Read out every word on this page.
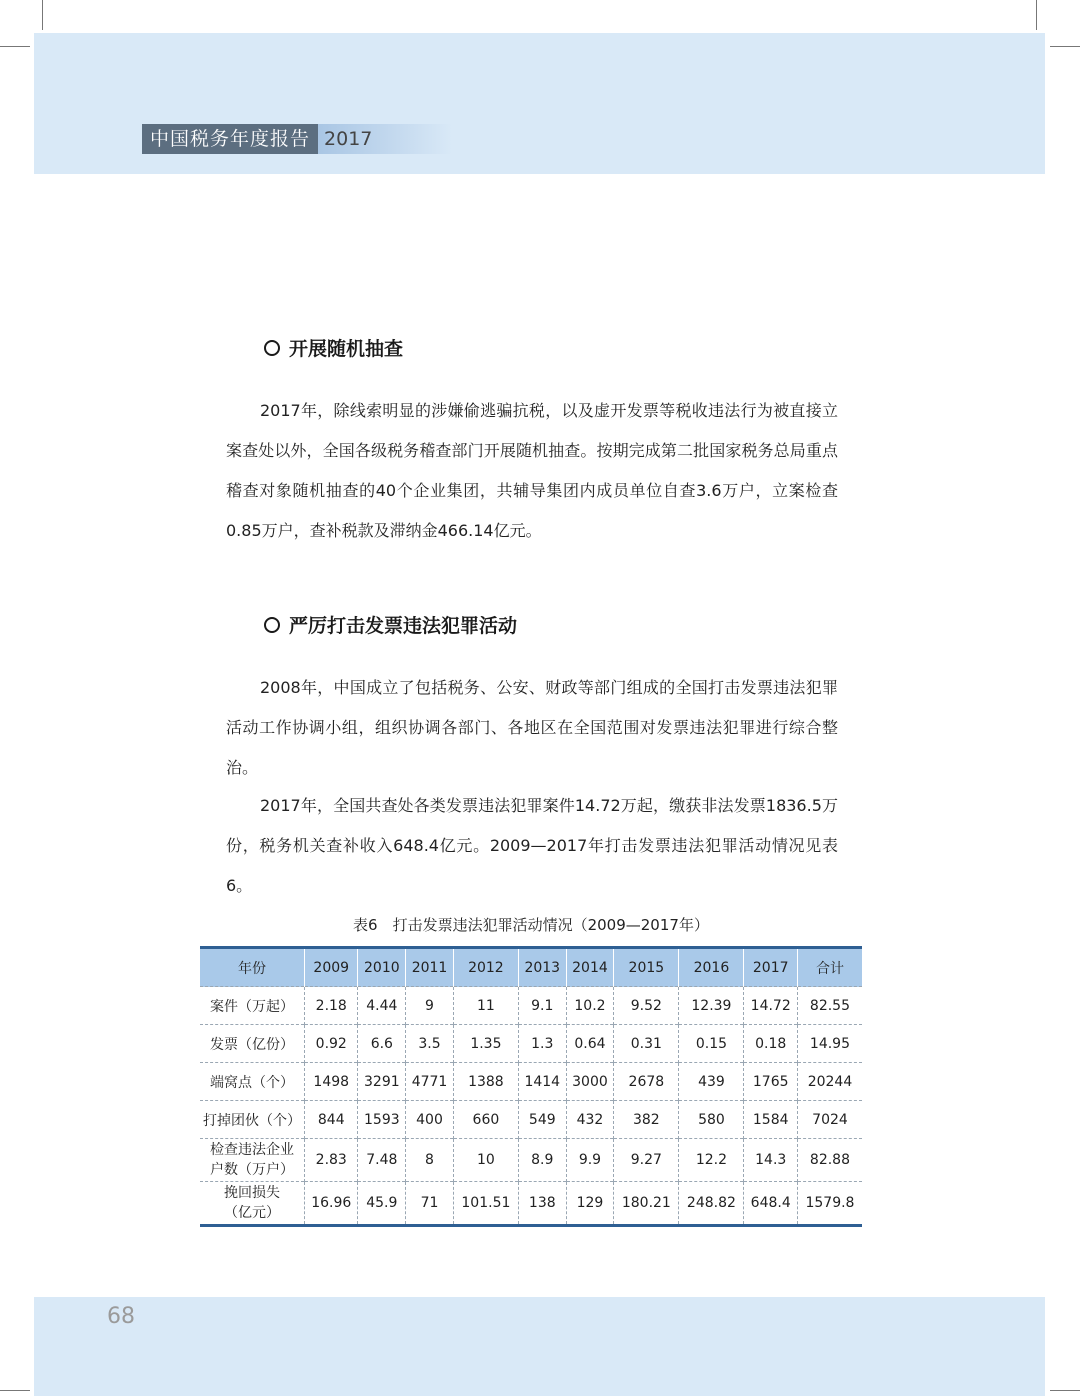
中国税务年度报告 2017
开展随机抽查

2017年，除线索明显的涉嫌偷逃骗抗税，以及虚开发票等税收违法行为被直接立案查处以外，全国各级税务稽查部门开展随机抽查。按期完成第二批国家税务总局重点稽查对象随机抽查的40个企业集团，共辅导集团内成员单位自查3.6万户，立案检查0.85万户，查补税款及滞纳金466.14亿元。

严厉打击发票违法犯罪活动

2008年，中国成立了包括税务、公安、财政等部门组成的全国打击发票违法犯罪活动工作协调小组，组织协调各部门、各地区在全国范围对发票违法犯罪进行综合整治。

2017年，全国共查处各类发票违法犯罪案件14.72万起，缴获非法发票1836.5万份，税务机关查补收入648.4亿元。2009—2017年打击发票违法犯罪活动情况见表6。

表6　打击发票违法犯罪活动情况（2009—2017年）
年份	2009	2010	2011	2012	2013	2014	2015	2016	2017	合计
案件（万起）	2.18	4.44	9	11	9.1	10.2	9.52	12.39	14.72	82.55
发票（亿份）	0.92	6.6	3.5	1.35	1.3	0.64	0.31	0.15	0.18	14.95
端窝点（个）	1498	3291	4771	1388	1414	3000	2678	439	1765	20244
打掉团伙（个）	844	1593	400	660	549	432	382	580	1584	7024

检查违法企业
户数（万户）	2.83	7.48	8	10	8.9	9.9	9.27	12.2	14.3	82.88

挽回损失
（亿元）	16.96	45.9	71	101.51	138	129	180.21	248.82	648.4	1579.8
68
